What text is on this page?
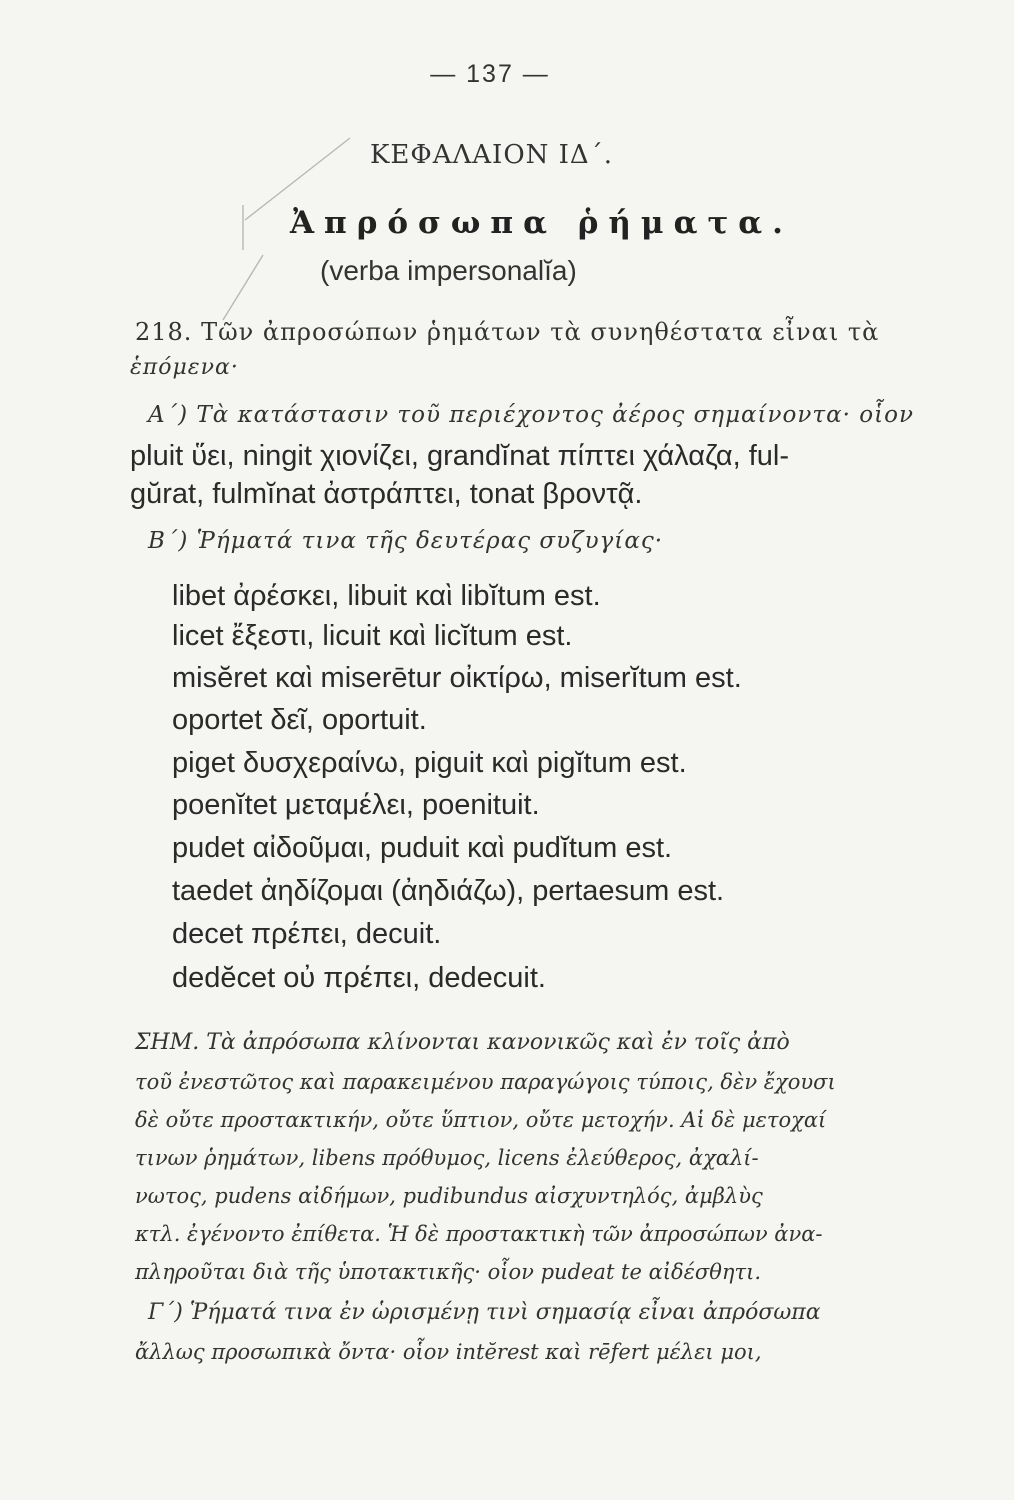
— 137 —
ΚΕΦΑΛΑΙΟΝ ΙΔ΄.
Ἀπρόσωπα ῥήματα.
(verba impersonalĭa)
218. Τῶν ἀπροσώπων ῥημάτων τὰ συνηθέστατα εἶναι τὰ
ἑπόμενα·
Α΄) Τὰ κατάστασιν τοῦ περιέχοντος ἀέρος σημαίνοντα· οἷον
pluit ὕει, ningit χιονίζει, grandĭnat πίπτει χάλαζα, ful-
gŭrat, fulmĭnat ἀστράπτει, tonat βροντᾷ.
Β΄) Ῥήματά τινα τῆς δευτέρας συζυγίας·
libet ἀρέσκει, libuit καὶ libĭtum est.
licet ἔξεστι, licuit καὶ licĭtum est.
misĕret καὶ miserētur οἰκτίρω, miserĭtum est.
oportet δεῖ, oportuit.
piget δυσχεραίνω, piguit καὶ pigĭtum est.
poenĭtet μεταμέλει, poenituit.
pudet αἰδοῦμαι, puduit καὶ pudĭtum est.
taedet ἀηδίζομαι (ἀηδιάζω), pertaesum est.
decet πρέπει, decuit.
dedĕcet οὐ πρέπει, dedecuit.
ΣΗΜ. Τὰ ἀπρόσωπα κλίνονται κανονικῶς καὶ ἐν τοῖς ἀπὸ
τοῦ ἐνεστῶτος καὶ παρακειμένου παραγώγοις τύποις, δὲν ἔχουσι
δὲ οὔτε προστακτικήν, οὔτε ὕπτιον, οὔτε μετοχήν. Αἱ δὲ μετοχαί
τινων ῥημάτων, libens πρόθυμος, licens ἐλεύθερος, ἀχαλί-
νωτος, pudens αἰδήμων, pudibundus αἰσχυντηλός, ἀμβλὺς
κτλ. ἐγένοντο ἐπίθετα. Ἡ δὲ προστακτικὴ τῶν ἀπροσώπων ἀνα-
πληροῦται διὰ τῆς ὑποτακτικῆς· οἷον pudeat te αἰδέσθητι.
Γ΄) Ῥήματά τινα ἐν ὡρισμένῃ τινὶ σημασίᾳ εἶναι ἀπρόσωπα
ἄλλως προσωπικὰ ὄντα· οἷον intĕrest καὶ rēfert μέλει μοι,
